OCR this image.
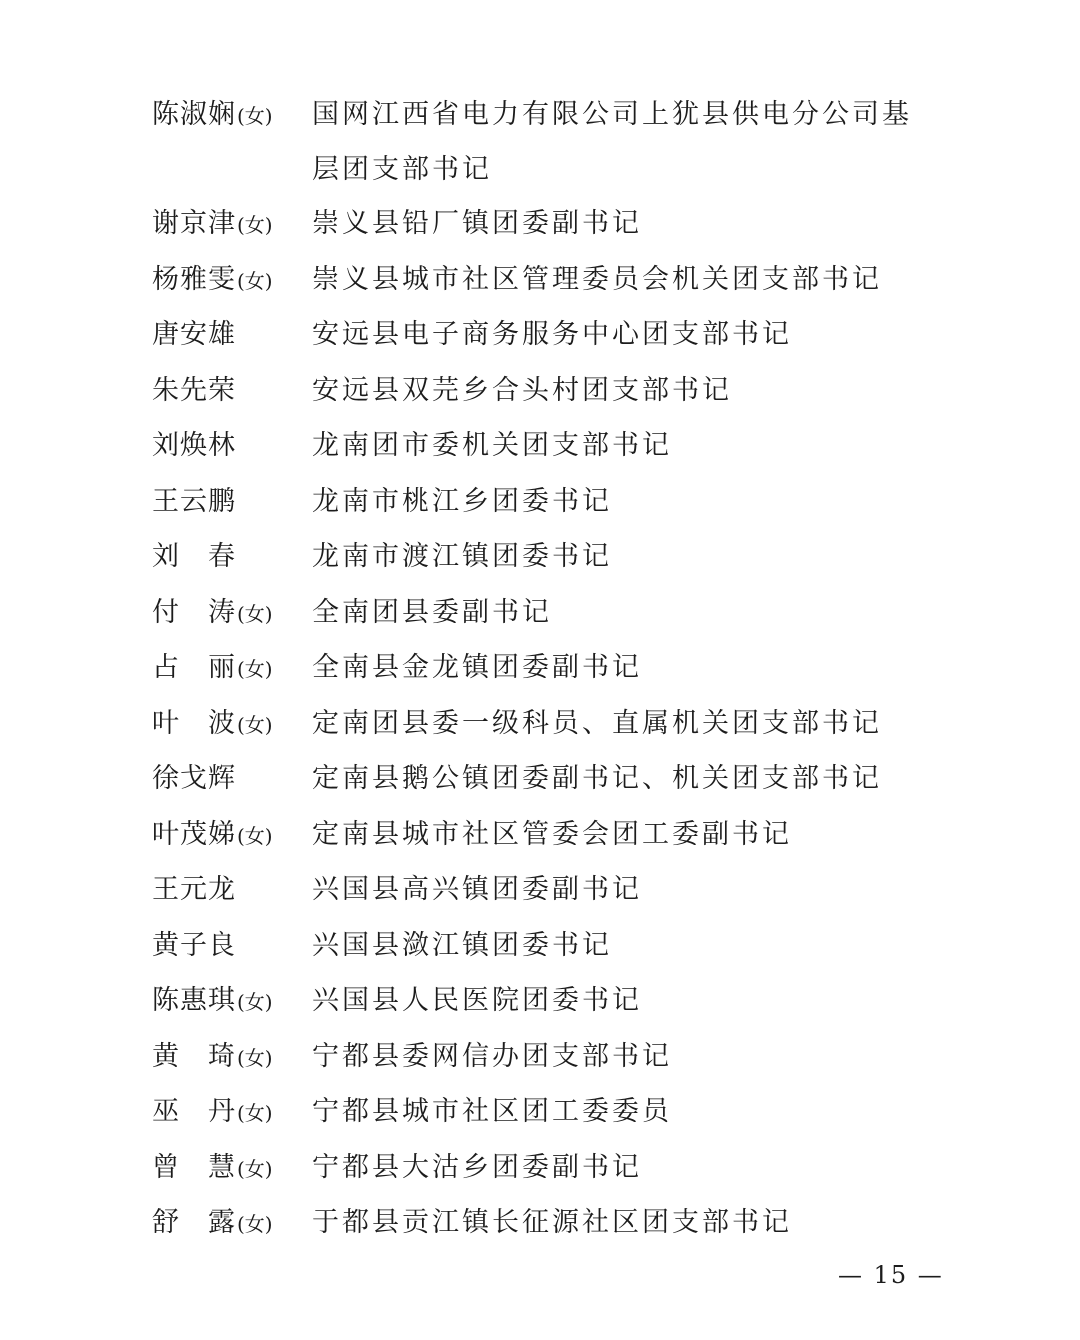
陈淑娴(女)	国网江西省电力有限公司上犹县供电分公司基层团支部书记
谢京津(女)	崇义县铅厂镇团委副书记
杨雅雯(女)	崇义县城市社区管理委员会机关团支部书记
唐安雄	安远县电子商务服务中心团支部书记
朱先荣	安远县双芫乡合头村团支部书记
刘焕林	龙南团市委机关团支部书记
王云鹏	龙南市桃江乡团委书记
刘　春	龙南市渡江镇团委书记
付　涛(女)	全南团县委副书记
占　丽(女)	全南县金龙镇团委副书记
叶　波(女)	定南团县委一级科员、直属机关团支部书记
徐戈辉	定南县鹅公镇团委副书记、机关团支部书记
叶茂娣(女)	定南县城市社区管委会团工委副书记
王元龙	兴国县高兴镇团委副书记
黄子良	兴国县潋江镇团委书记
陈惠琪(女)	兴国县人民医院团委书记
黄　琦(女)	宁都县委网信办团支部书记
巫　丹(女)	宁都县城市社区团工委委员
曾　慧(女)	宁都县大沽乡团委副书记
舒　露(女)	于都县贡江镇长征源社区团支部书记
— 15 —
